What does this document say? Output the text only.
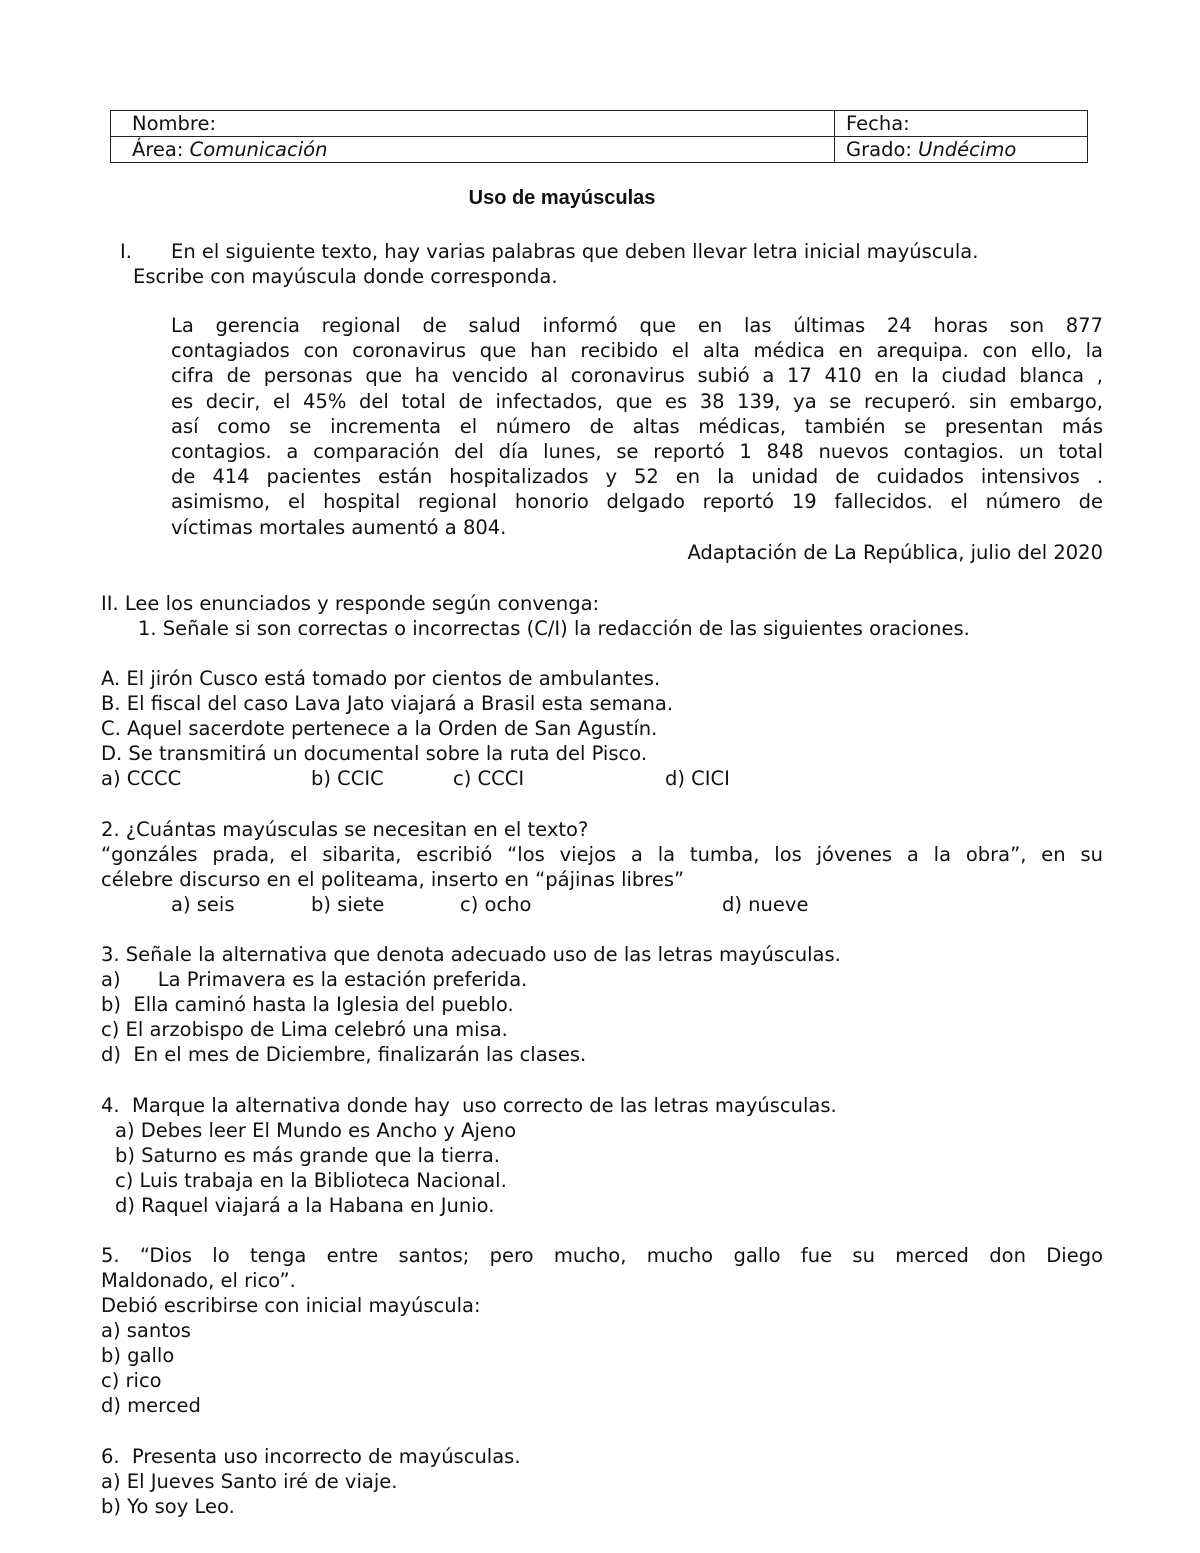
Nombre:	Fecha:
Área: Comunicación	Grado: Undécimo
Uso de mayúsculas
I. En el siguiente texto, hay varias palabras que deben llevar letra inicial mayúscula.
Escribe con mayúscula donde corresponda.
La gerencia regional de salud informó que en las últimas 24 horas son 877
contagiados con coronavirus que han recibido el alta médica en arequipa. con ello, la
cifra de personas que ha vencido al coronavirus subió a 17 410 en la ciudad blanca ,
es decir, el 45% del total de infectados, que es 38 139, ya se recuperó. sin embargo,
así como se incrementa el número de altas médicas, también se presentan más
contagios. a comparación del día lunes, se reportó 1 848 nuevos contagios. un total
de 414 pacientes están hospitalizados y 52 en la unidad de cuidados intensivos .
asimismo, el hospital regional honorio delgado reportó 19 fallecidos. el número de
víctimas mortales aumentó a 804.
Adaptación de La República, julio del 2020
II. Lee los enunciados y responde según convenga:
1. Señale si son correctas o incorrectas (C/I) la redacción de las siguientes oraciones.
A. El jirón Cusco está tomado por cientos de ambulantes.
B. El fiscal del caso Lava Jato viajará a Brasil esta semana.
C. Aquel sacerdote pertenece a la Orden de San Agustín.
D. Se transmitirá un documental sobre la ruta del Pisco.
a) CCCC	b) CCIC	c) CCCI	d) CICI
2. ¿Cuántas mayúsculas se necesitan en el texto?
“gonzáles prada, el sibarita, escribió “los viejos a la tumba, los jóvenes a la obra”, en su
célebre discurso en el politeama, inserto en “pájinas libres”
a) seis	b) siete	c) ocho	d) nueve
3. Señale la alternativa que denota adecuado uso de las letras mayúsculas.
a)      La Primavera es la estación preferida.
b)  Ella caminó hasta la Iglesia del pueblo.
c) El arzobispo de Lima celebró una misa.
d)  En el mes de Diciembre, finalizarán las clases.
4.  Marque la alternativa donde hay  uso correcto de las letras mayúsculas.
a) Debes leer El Mundo es Ancho y Ajeno
b) Saturno es más grande que la tierra.
c) Luis trabaja en la Biblioteca Nacional.
d) Raquel viajará a la Habana en Junio.
5. “Dios lo tenga entre santos; pero mucho, mucho gallo fue su merced don Diego
Maldonado, el rico”.
Debió escribirse con inicial mayúscula:
a) santos
b) gallo
c) rico
d) merced
6.  Presenta uso incorrecto de mayúsculas.
a) El Jueves Santo iré de viaje.
b) Yo soy Leo.
